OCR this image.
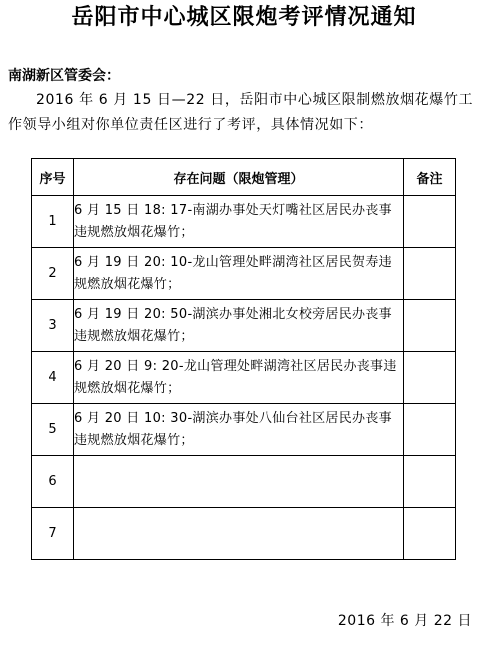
岳阳市中心城区限炮考评情况通知
南湖新区管委会：
2016 年 6 月 15 日—22 日，岳阳市中心城区限制燃放烟花爆竹工作领导小组对你单位责任区进行了考评，具体情况如下：
序号	存在问题（限炮管理）	备注
1	6 月 15 日 18: 17-南湖办事处天灯嘴社区居民办丧事违规燃放烟花爆竹；	
2	6 月 19 日 20: 10-龙山管理处畔湖湾社区居民贺寿违规燃放烟花爆竹；	
3	6 月 19 日 20: 50-湖滨办事处湘北女校旁居民办丧事违规燃放烟花爆竹；	
4	6 月 20 日 9: 20-龙山管理处畔湖湾社区居民办丧事违规燃放烟花爆竹；	
5	6 月 20 日 10: 30-湖滨办事处八仙台社区居民办丧事违规燃放烟花爆竹；	
6		
7		
2016 年 6 月 22 日
